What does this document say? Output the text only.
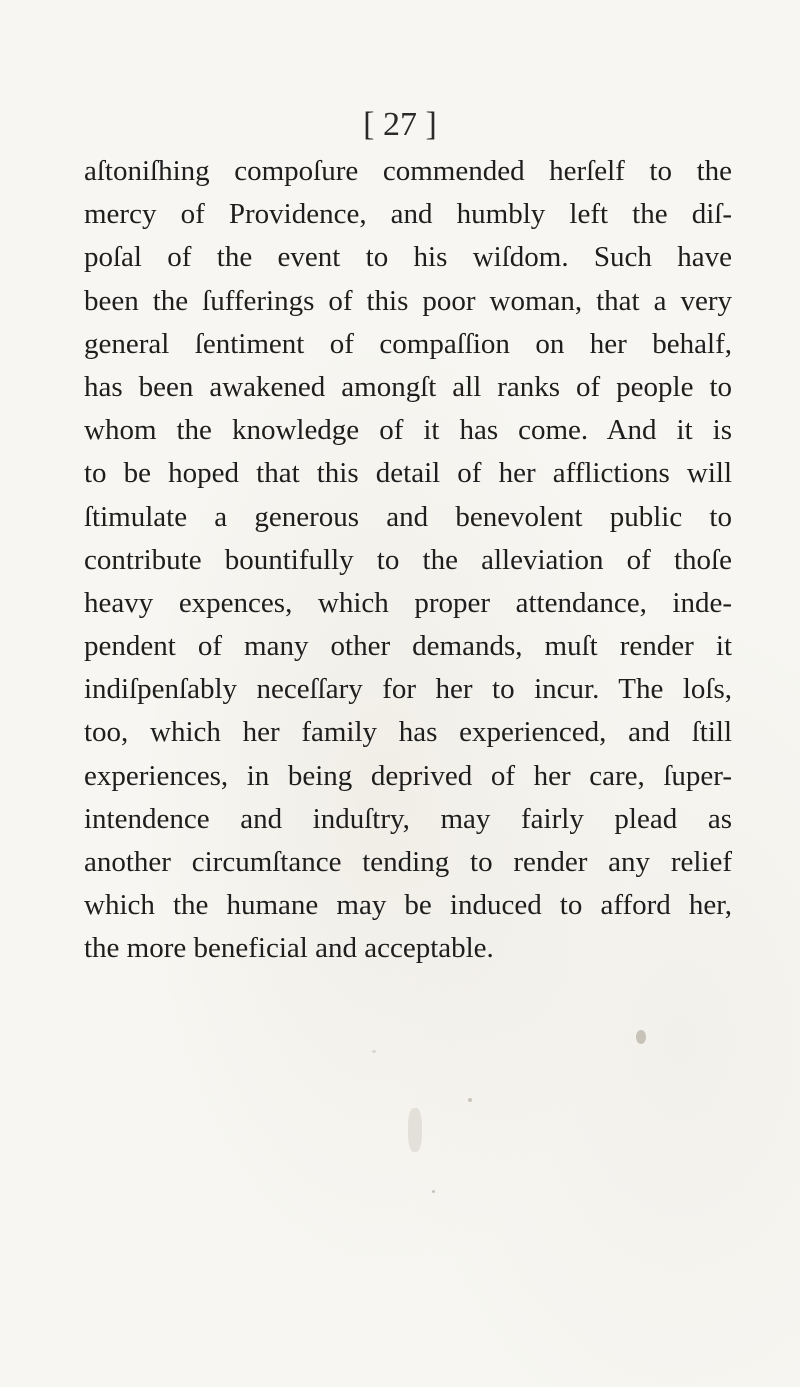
[ 27 ]
aſtoniſhing compoſure commended herſelf to the
mercy of Providence, and humbly left the diſ-
poſal of the event to his wiſdom. Such have
been the ſufferings of this poor woman, that a very
general ſentiment of compaſſion on her behalf,
has been awakened amongſt all ranks of people to
whom the knowledge of it has come. And it is
to be hoped that this detail of her afflictions will
ſtimulate a generous and benevolent public to
contribute bountifully to the alleviation of thoſe
heavy expences, which proper attendance, inde-
pendent of many other demands, muſt render it
indiſpenſably neceſſary for her to incur. The loſs,
too, which her family has experienced, and ſtill
experiences, in being deprived of her care, ſuper-
intendence and induſtry, may fairly plead as
another circumſtance tending to render any relief
which the humane may be induced to afford her,
the more beneficial and acceptable.
